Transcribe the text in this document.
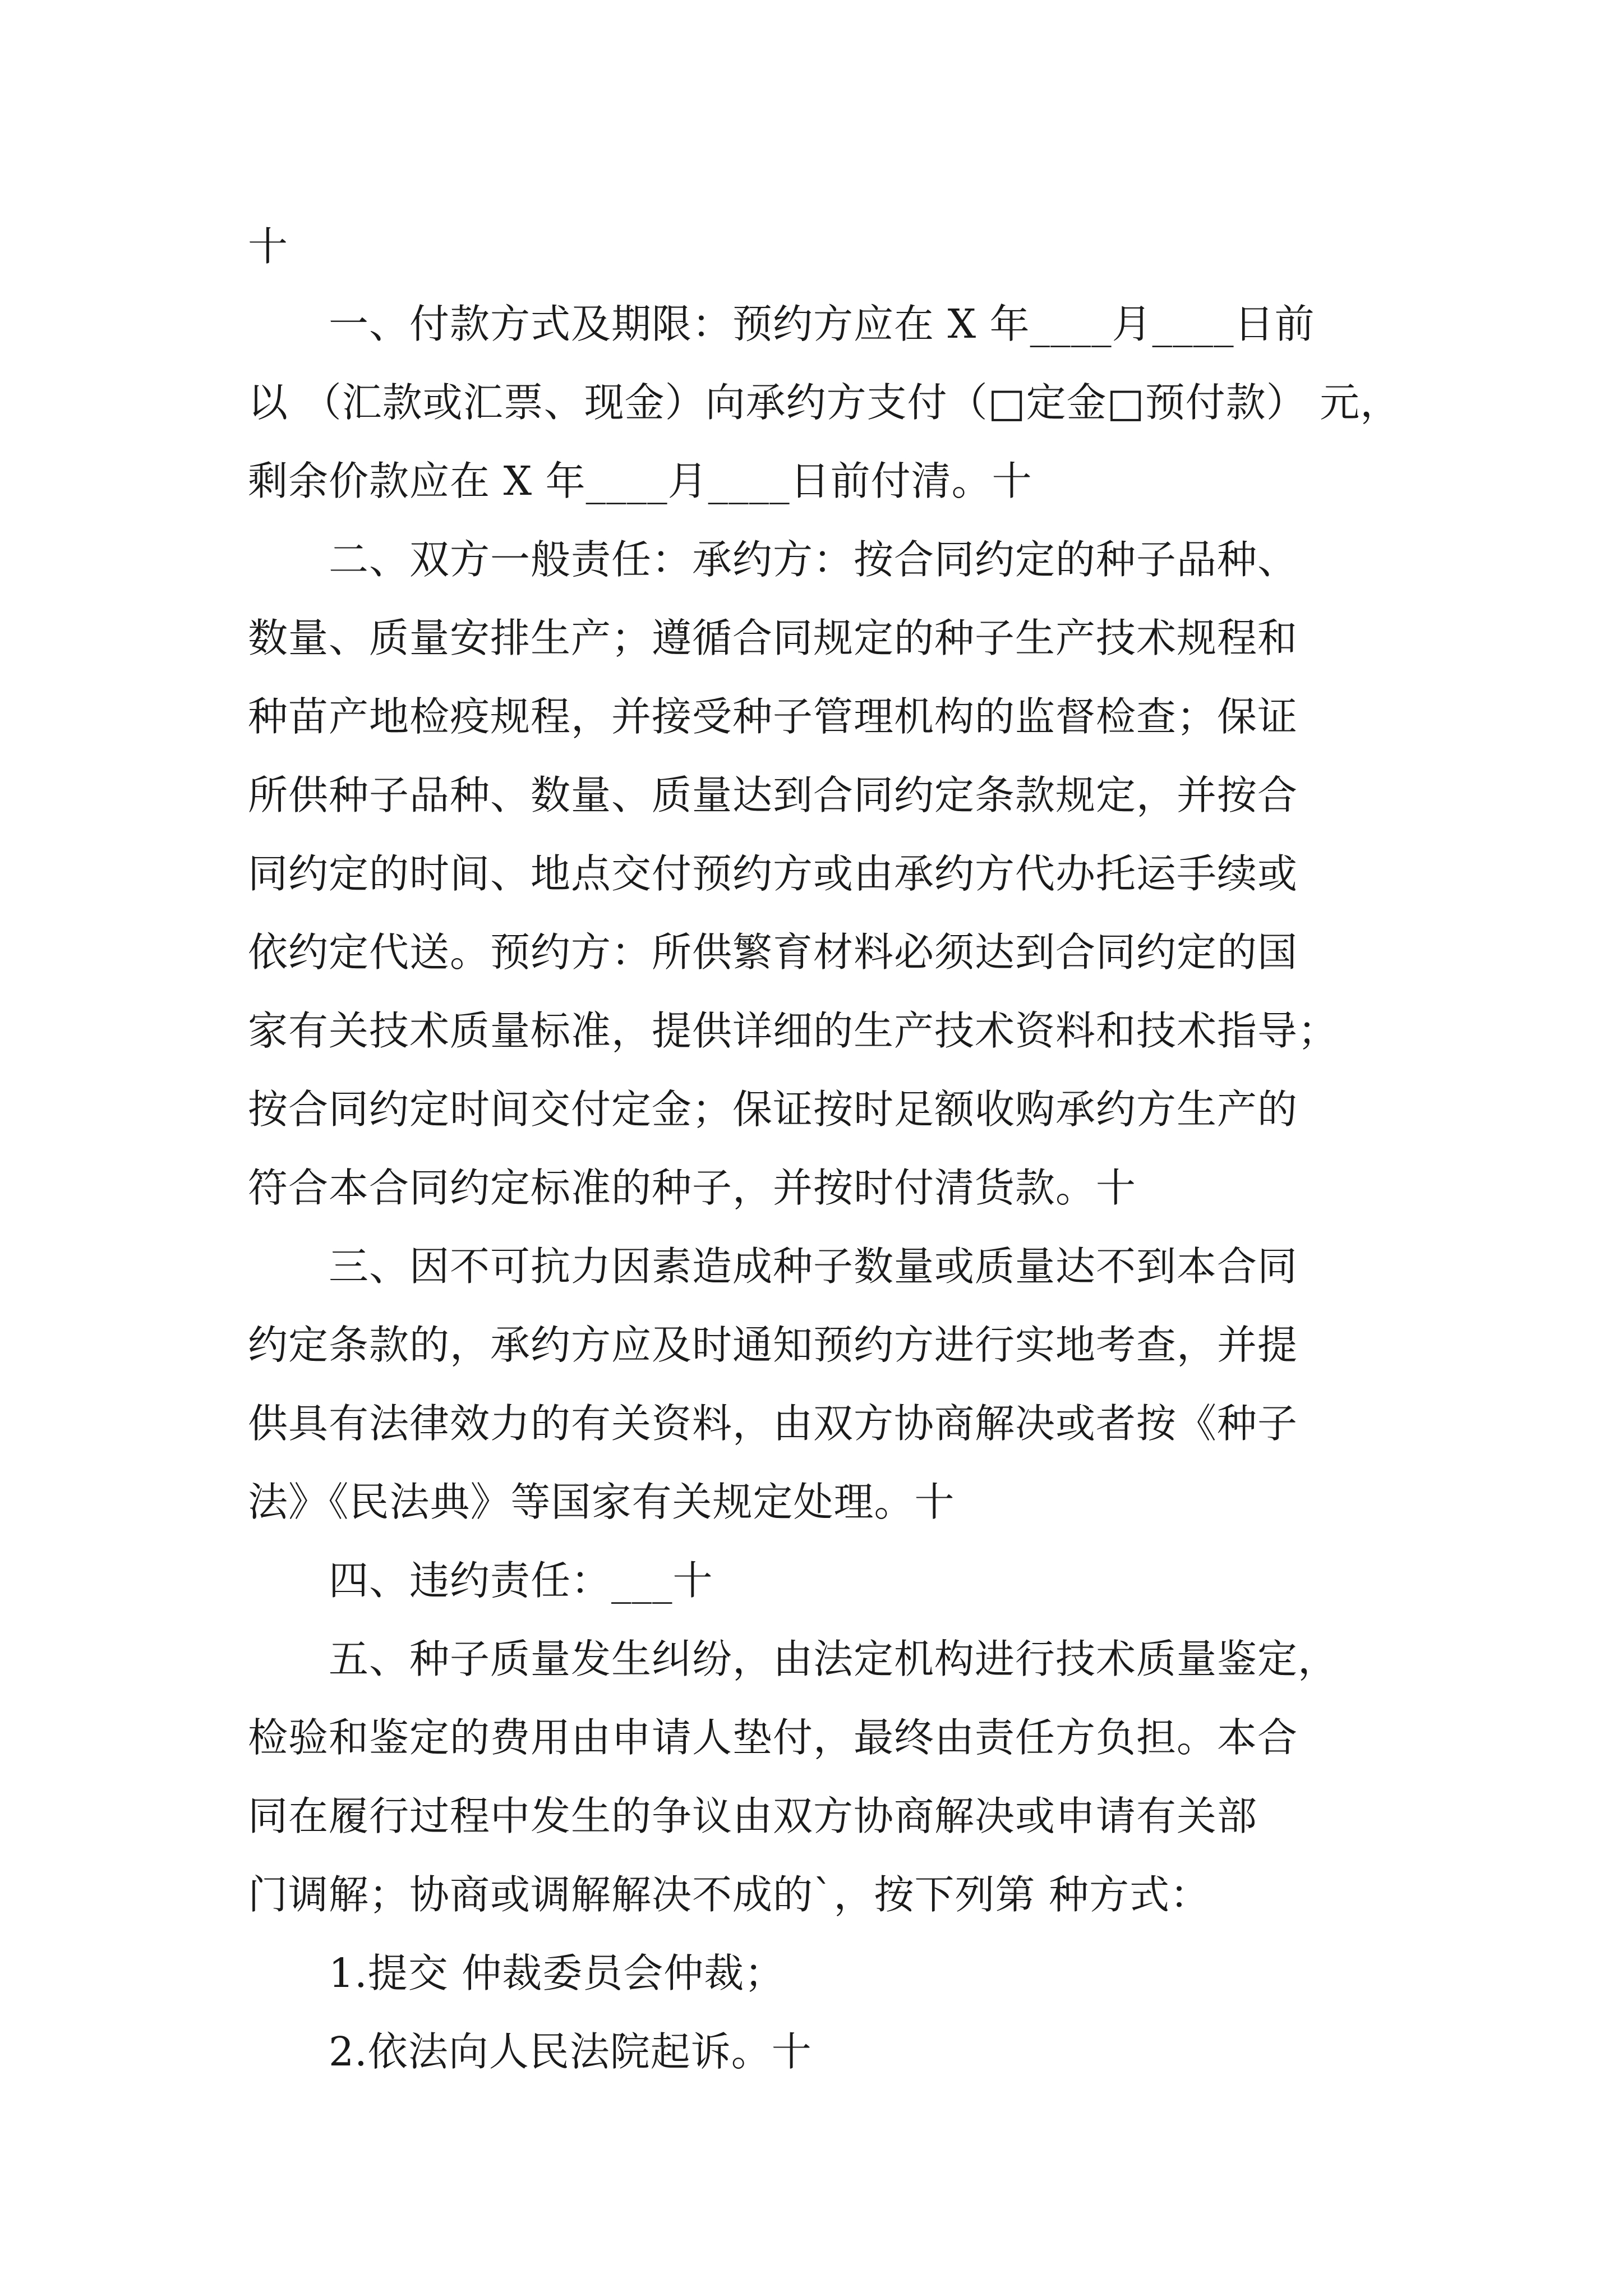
十
　　一、付款方式及期限：预约方应在 X 年____月____日前
以 （汇款或汇票、现金）向承约方支付（□定金□预付款） 元，
剩余价款应在 X 年____月____日前付清。十
　　二、双方一般责任：承约方：按合同约定的种子品种、
数量、质量安排生产；遵循合同规定的种子生产技术规程和
种苗产地检疫规程，并接受种子管理机构的监督检查；保证
所供种子品种、数量、质量达到合同约定条款规定，并按合
同约定的时间、地点交付预约方或由承约方代办托运手续或
依约定代送。预约方：所供繁育材料必须达到合同约定的国
家有关技术质量标准，提供详细的生产技术资料和技术指导；
按合同约定时间交付定金；保证按时足额收购承约方生产的
符合本合同约定标准的种子，并按时付清货款。十
　　三、因不可抗力因素造成种子数量或质量达不到本合同
约定条款的，承约方应及时通知预约方进行实地考查，并提
供具有法律效力的有关资料，由双方协商解决或者按《种子
法》《民法典》等国家有关规定处理。十
　　四、违约责任：___十
　　五、种子质量发生纠纷，由法定机构进行技术质量鉴定，
检验和鉴定的费用由申请人垫付，最终由责任方负担。本合
同在履行过程中发生的争议由双方协商解决或申请有关部
门调解；协商或调解解决不成的`，按下列第 种方式：
　　1.提交 仲裁委员会仲裁；
　　2.依法向人民法院起诉。十
